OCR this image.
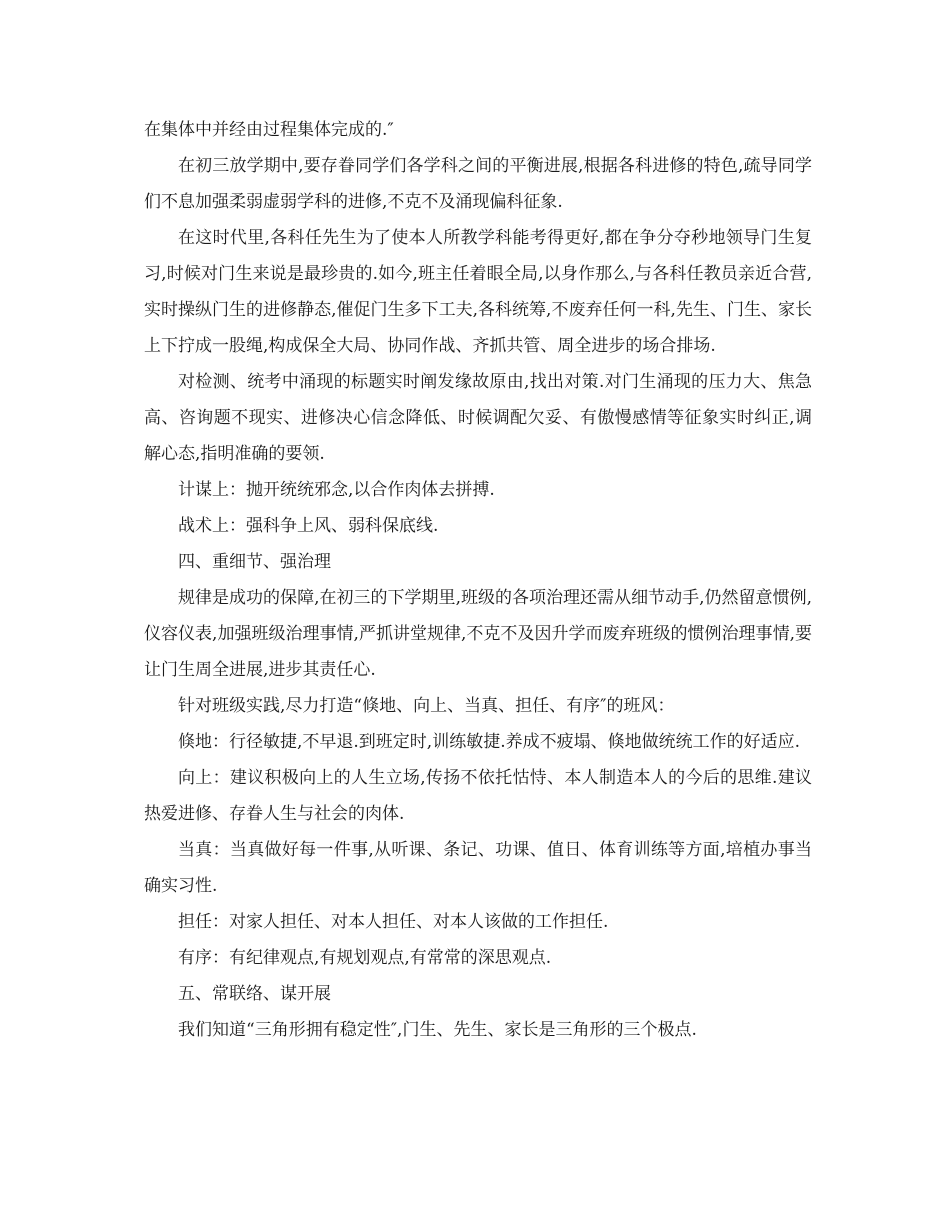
在集体中并经由过程集体完成的.″

在初三放学期中,要存眷同学们各学科之间的平衡进展,根据各科进修的特色,疏导同学们不息加强柔弱虚弱学科的进修,不克不及涌现偏科征象.

在这时代里,各科任先生为了使本人所教学科能考得更好,都在争分夺秒地领导门生复习,时候对门生来说是最珍贵的.如今,班主任着眼全局,以身作那么,与各科任教员亲近合营,实时操纵门生的进修静态,催促门生多下工夫,各科统筹,不废弃任何一科,先生、门生、家长上下拧成一股绳,构成保全大局、协同作战、齐抓共管、周全进步的场合排场.

对检测、统考中涌现的标题实时阐发缘故原由,找出对策.对门生涌现的压力大、焦急高、咨询题不现实、进修决心信念降低、时候调配欠妥、有傲慢感情等征象实时纠正,调解心态,指明准确的要领.

计谋上：抛开统统邪念,以合作肉体去拼搏.

战术上：强科争上风、弱科保底线.

四、重细节、强治理

规律是成功的保障,在初三的下学期里,班级的各项治理还需从细节动手,仍然留意惯例,仪容仪表,加强班级治理事情,严抓讲堂规律,不克不及因升学而废弃班级的惯例治理事情,要让门生周全进展,进步其责任心.

针对班级实践,尽力打造“倏地、向上、当真、担任、有序″的班风：

倏地：行径敏捷,不早退.到班定时,训练敏捷.养成不疲塌、倏地做统统工作的好适应.

向上：建议积极向上的人生立场,传扬不依托怙恃、本人制造本人的今后的思维.建议热爱进修、存眷人生与社会的肉体.

当真：当真做好每一件事,从听课、条记、功课、值日、体育训练等方面,培植办事当确实习性.

担任：对家人担任、对本人担任、对本人该做的工作担任.

有序：有纪律观点,有规划观点,有常常的深思观点.

五、常联络、谋开展

我们知道“三角形拥有稳定性″,门生、先生、家长是三角形的三个极点.
